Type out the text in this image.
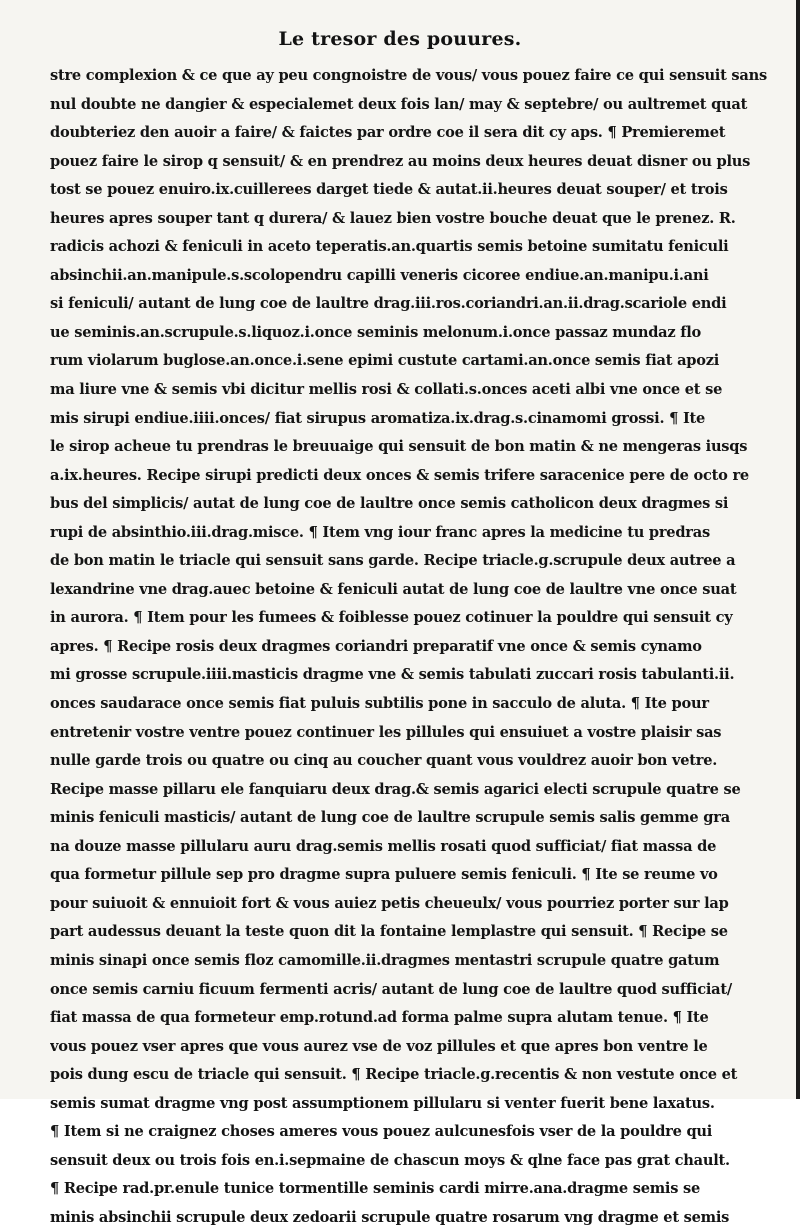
Le tresor des pouures.
stre complexion & ce que ay peu congnoistre de vous/ vous pouez faire ce qui sensuit sans
nul doubte ne dangier & especialemet deux fois lan/ may & septebre/ ou aultremet quat
doubteriez den auoir a faire/ & faictes par ordre coe il sera dit cy aps. ¶ Premieremet
pouez faire le sirop q sensuit/ & en prendrez au moins deux heures deuat disner ou plus
tost se pouez enuiro.ix.cuillerees darget tiede & autat.ii.heures deuat souper/ et trois
heures apres souper tant q durera/ & lauez bien vostre bouche deuat que le prenez. R.
radicis achozi & feniculi in aceto teperatis.an.quartis semis betoine sumitatu feniculi
absinchii.an.manipule.s.scolopendru capilli veneris cicoree endiue.an.manipu.i.ani
si feniculi/ autant de lung coe de laultre drag.iii.ros.coriandri.an.ii.drag.scariole endi
ue seminis.an.scrupule.s.liquoz.i.once seminis melonum.i.once passaz mundaz flo
rum violarum buglose.an.once.i.sene epimi custute cartami.an.once semis fiat apozi
ma liure vne & semis vbi dicitur mellis rosi & collati.s.onces aceti albi vne once et se
mis sirupi endiue.iiii.onces/ fiat sirupus aromatiza.ix.drag.s.cinamomi grossi. ¶ Ite
le sirop acheue tu prendras le breuuaige qui sensuit de bon matin & ne mengeras iusqs
a.ix.heures. Recipe sirupi predicti deux onces & semis trifere saracenice pere de octo re
bus del simplicis/ autat de lung coe de laultre once semis catholicon deux dragmes si
rupi de absinthio.iii.drag.misce. ¶ Item vng iour franc apres la medicine tu predras
de bon matin le triacle qui sensuit sans garde. Recipe triacle.g.scrupule deux autree a
lexandrine vne drag.auec betoine & feniculi autat de lung coe de laultre vne once suat
in aurora. ¶ Item pour les fumees & foiblesse pouez cotinuer la pouldre qui sensuit cy
apres. ¶ Recipe rosis deux dragmes coriandri preparatif vne once & semis cynamo
mi grosse scrupule.iiii.masticis dragme vne & semis tabulati zuccari rosis tabulanti.ii.
onces saudarace once semis fiat puluis subtilis pone in sacculo de aluta. ¶ Ite pour
entretenir vostre ventre pouez continuer les pillules qui ensuiuet a vostre plaisir sas
nulle garde trois ou quatre ou cinq au coucher quant vous vouldrez auoir bon vetre.
Recipe masse pillaru ele fanquiaru deux drag.& semis agarici electi scrupule quatre se
minis feniculi masticis/ autant de lung coe de laultre scrupule semis salis gemme gra
na douze masse pillularu auru drag.semis mellis rosati quod sufficiat/ fiat massa de
qua formetur pillule sep pro dragme supra puluere semis feniculi. ¶ Ite se reume vo
pour suiuoit & ennuioit fort & vous auiez petis cheueulx/ vous pourriez porter sur lap
part audessus deuant la teste quon dit la fontaine lemplastre qui sensuit. ¶ Recipe se
minis sinapi once semis floz camomille.ii.dragmes mentastri scrupule quatre gatum
once semis carniu ficuum fermenti acris/ autant de lung coe de laultre quod sufficiat/
fiat massa de qua formeteur emp.rotund.ad forma palme supra alutam tenue. ¶ Ite
vous pouez vser apres que vous aurez vse de voz pillules et que apres bon ventre le
pois dung escu de triacle qui sensuit. ¶ Recipe triacle.g.recentis & non vestute once et
semis sumat dragme vng post assumptionem pillularu si venter fuerit bene laxatus.
¶ Item si ne craignez choses ameres vous pouez aulcunesfois vser de la pouldre qui
sensuit deux ou trois fois en.i.sepmaine de chascun moys & qlne face pas grat chault.
¶ Recipe rad.pr.enule tunice tormentille seminis cardi mirre.ana.dragme semis se
minis absinchii scrupule deux zedoarii scrupule quatre rosarum vng dragme et semis
